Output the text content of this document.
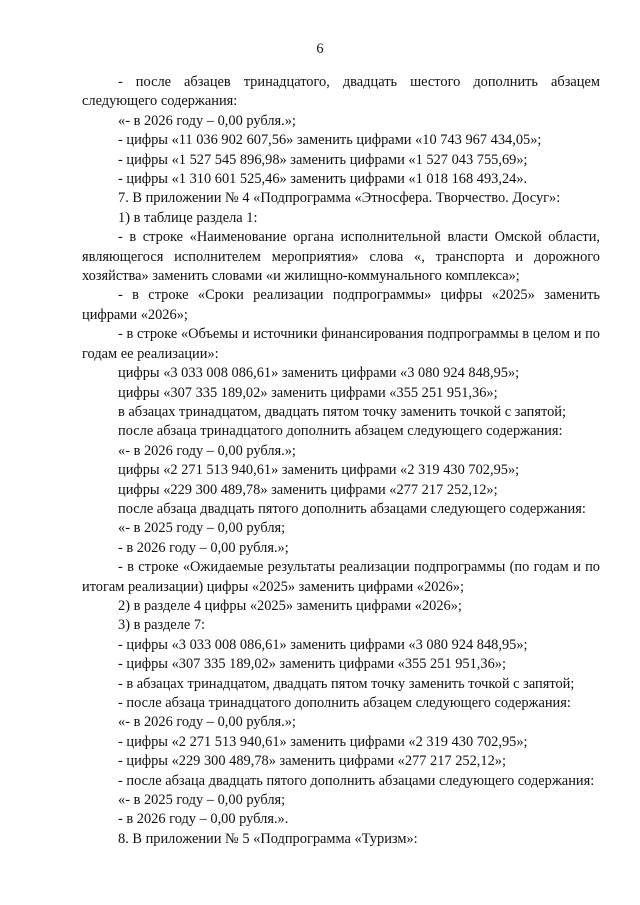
6

- после абзацев тринадцатого, двадцать шестого дополнить абзацем следующего содержания:

«- в 2026 году – 0,00 рубля.»;

- цифры «11 036 902 607,56» заменить цифрами «10 743 967 434,05»;

- цифры «1 527 545 896,98» заменить цифрами «1 527 043 755,69»;

- цифры «1 310 601 525,46» заменить цифрами «1 018 168 493,24».

7. В приложении № 4 «Подпрограмма «Этносфера. Творчество. Досуг»:

1) в таблице раздела 1:

- в строке «Наименование органа исполнительной власти Омской области, являющегося исполнителем мероприятия» слова «, транспорта и дорожного хозяйства» заменить словами «и жилищно-коммунального комплекса»;

- в строке «Сроки реализации подпрограммы» цифры «2025» заменить цифрами «2026»;

- в строке «Объемы и источники финансирования подпрограммы в целом и по годам ее реализации»:

цифры «3 033 008 086,61» заменить цифрами «3 080 924 848,95»;

цифры «307 335 189,02» заменить цифрами «355 251 951,36»;

в абзацах тринадцатом, двадцать пятом точку заменить точкой с запятой;

после абзаца тринадцатого дополнить абзацем следующего содержания:

«- в 2026 году – 0,00 рубля.»;

цифры «2 271 513 940,61» заменить цифрами «2 319 430 702,95»;

цифры «229 300 489,78» заменить цифрами «277 217 252,12»;

после абзаца двадцать пятого дополнить абзацами следующего содержания:

«- в 2025 году – 0,00 рубля;

- в 2026 году – 0,00 рубля.»;

- в строке «Ожидаемые результаты реализации подпрограммы (по годам и по итогам реализации) цифры «2025» заменить цифрами «2026»;

2) в разделе 4 цифры «2025» заменить цифрами «2026»;

3) в разделе 7:

- цифры «3 033 008 086,61» заменить цифрами «3 080 924 848,95»;

- цифры «307 335 189,02» заменить цифрами «355 251 951,36»;

- в абзацах тринадцатом, двадцать пятом точку заменить точкой с запятой;

- после абзаца тринадцатого дополнить абзацем следующего содержания:

«- в 2026 году – 0,00 рубля.»;

- цифры «2 271 513 940,61» заменить цифрами «2 319 430 702,95»;

- цифры «229 300 489,78» заменить цифрами «277 217 252,12»;

- после абзаца двадцать пятого дополнить абзацами следующего содержания:

«- в 2025 году – 0,00 рубля;

- в 2026 году – 0,00 рубля.».

8. В приложении № 5 «Подпрограмма «Туризм»:
